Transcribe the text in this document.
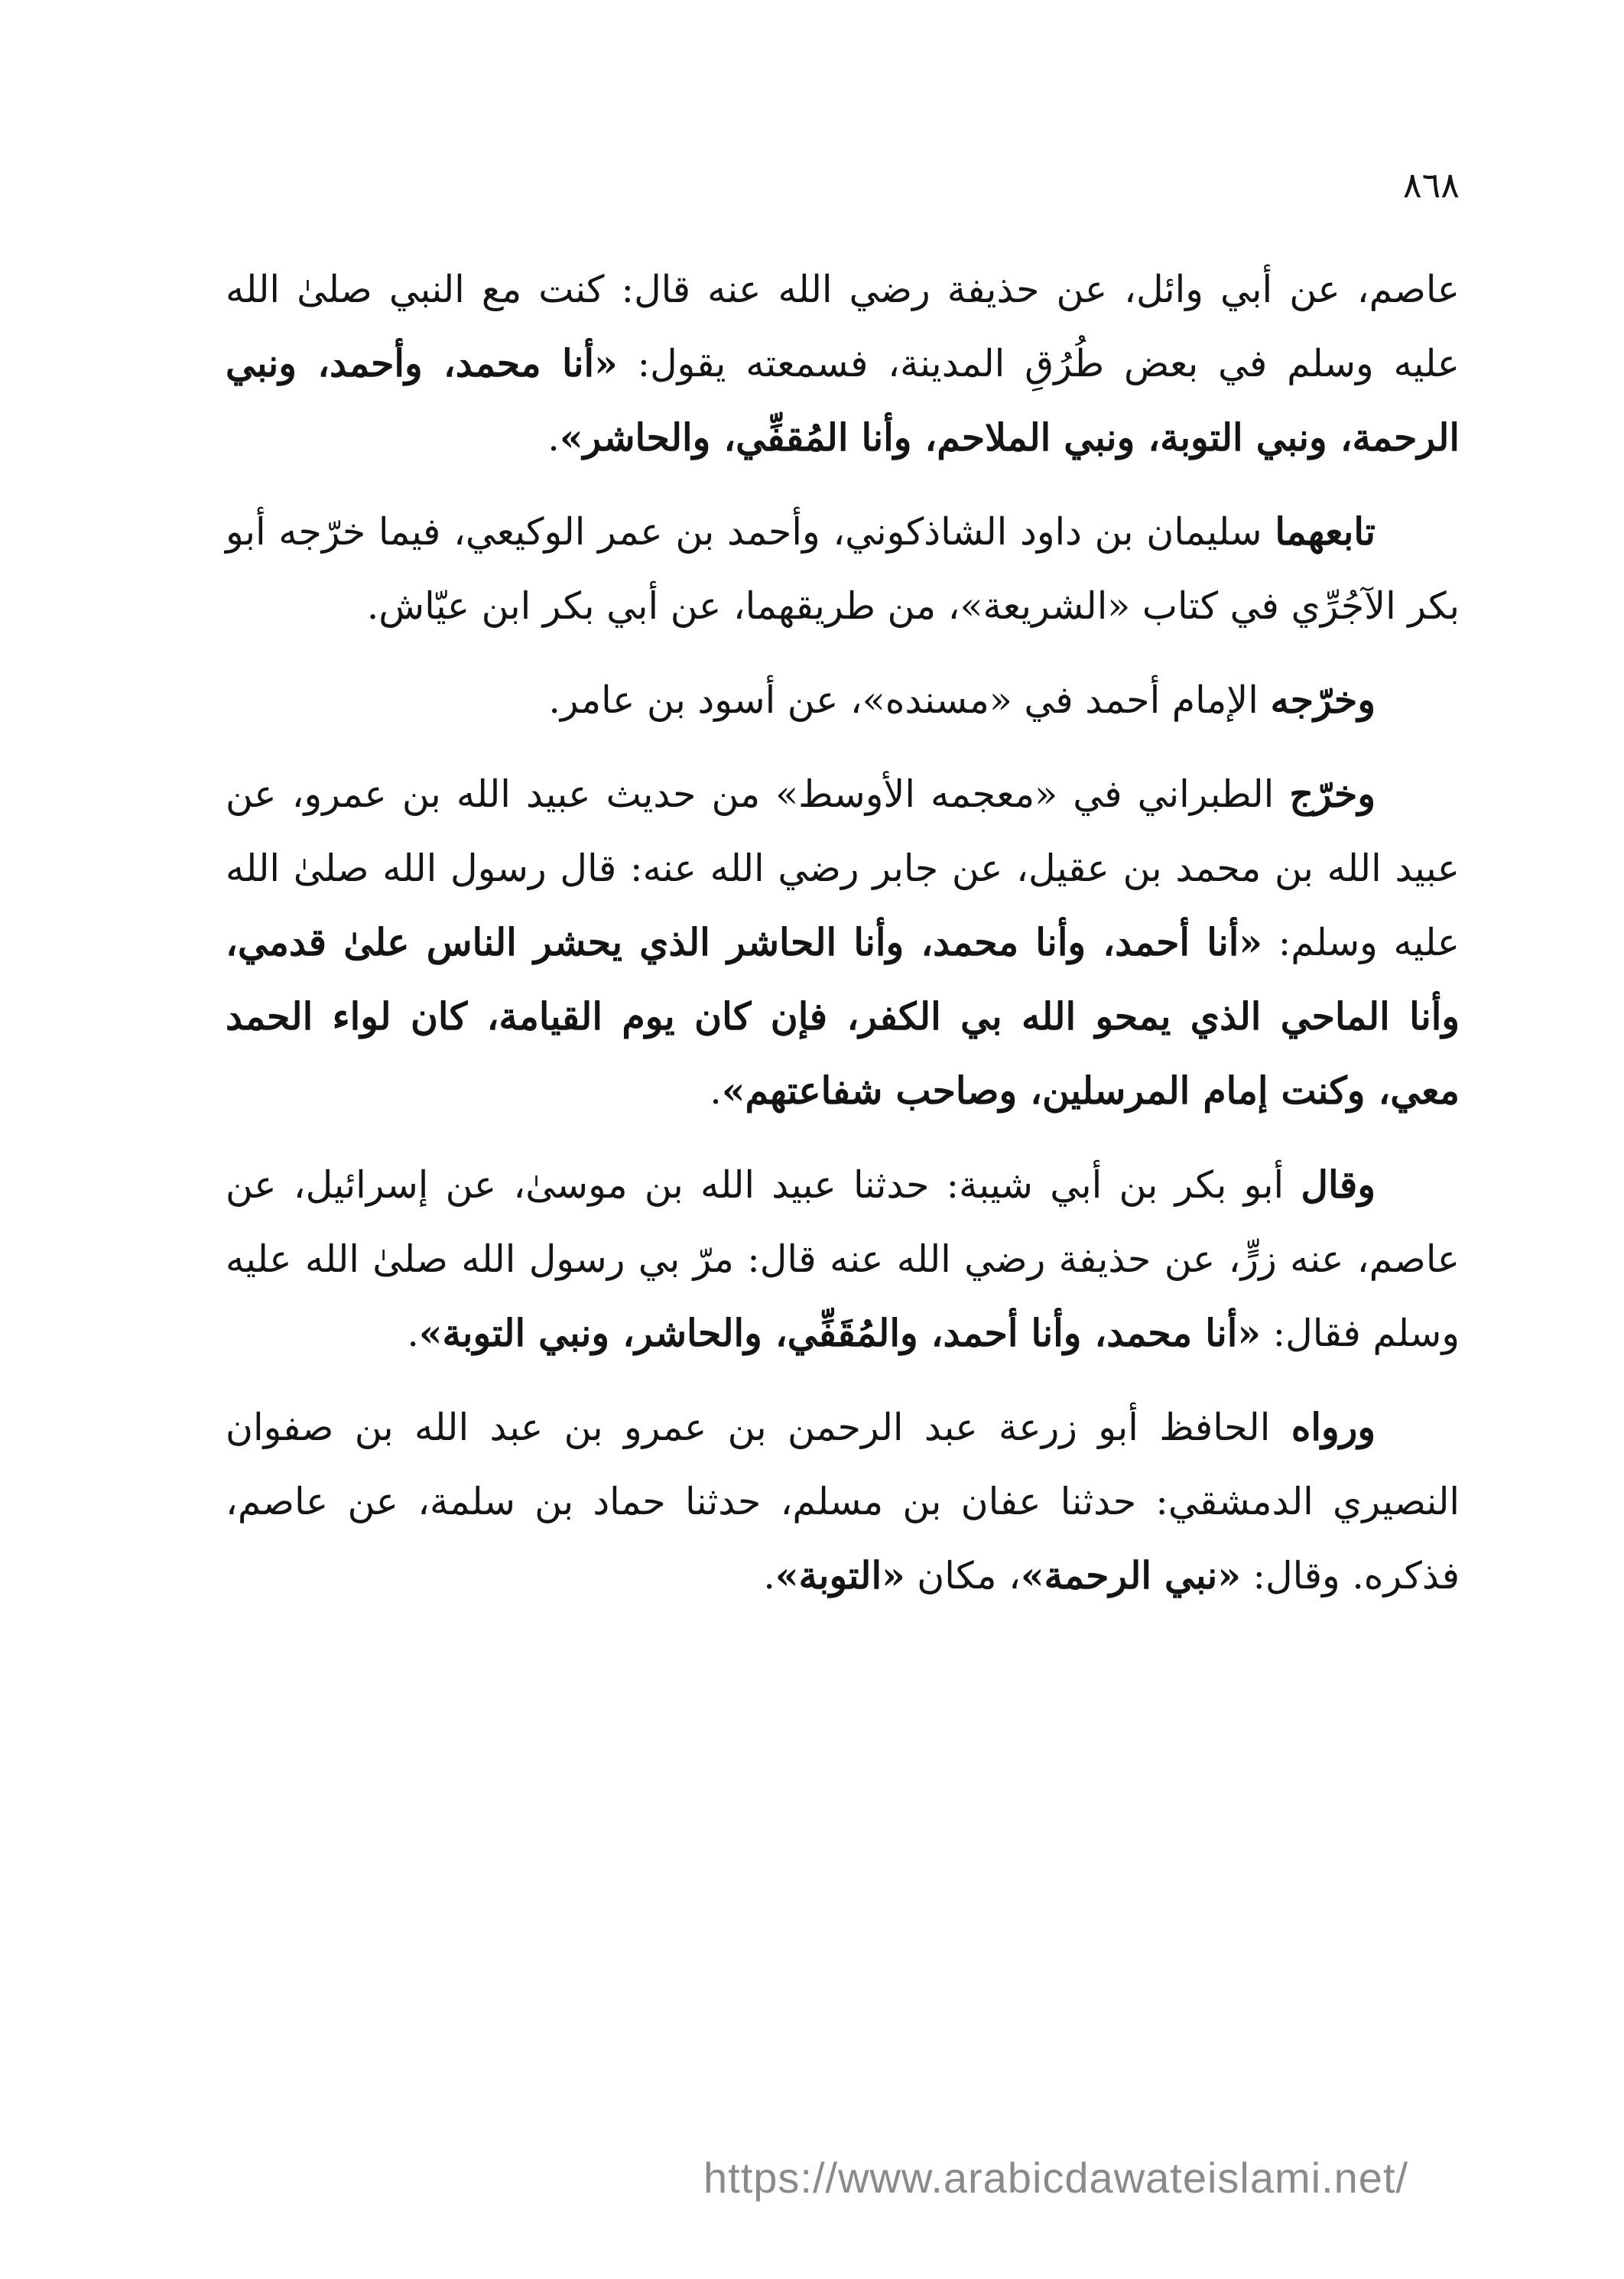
٨٦٨

عاصم، عن أبي وائل، عن حذيفة رضي الله عنه قال: كنت مع النبي صلىٰ الله عليه وسلم في بعض طُرُقِ المدينة، فسمعته يقول: «أنا محمد، وأحمد، ونبي الرحمة، ونبي التوبة، ونبي الملاحم، وأنا المُقفِّي، والحاشر».

تابعهما سليمان بن داود الشاذكوني، وأحمد بن عمر الوكيعي، فيما خرّجه أبو بكر الآجُرِّي في كتاب «الشريعة»، من طريقهما، عن أبي بكر ابن عيّاش.

وخرّجه الإمام أحمد في «مسنده»، عن أسود بن عامر.

وخرّج الطبراني في «معجمه الأوسط» من حديث عبيد الله بن عمرو، عن عبيد الله بن محمد بن عقيل، عن جابر رضي الله عنه: قال رسول الله صلىٰ الله عليه وسلم: «أنا أحمد، وأنا محمد، وأنا الحاشر الذي يحشر الناس علىٰ قدمي، وأنا الماحي الذي يمحو الله بي الكفر، فإن كان يوم القيامة، كان لواء الحمد معي، وكنت إمام المرسلين، وصاحب شفاعتهم».

وقال أبو بكر بن أبي شيبة: حدثنا عبيد الله بن موسىٰ، عن إسرائيل، عن عاصم، عنه زرٍّ، عن حذيفة رضي الله عنه قال: مرّ بي رسول الله صلىٰ الله عليه وسلم فقال: «أنا محمد، وأنا أحمد، والمُقَفِّي، والحاشر، ونبي التوبة».

ورواه الحافظ أبو زرعة عبد الرحمن بن عمرو بن عبد الله بن صفوان النصيري الدمشقي: حدثنا عفان بن مسلم، حدثنا حماد بن سلمة، عن عاصم، فذكره. وقال: «نبي الرحمة»، مكان «التوبة».

https://www.arabicdawateislami.net/
